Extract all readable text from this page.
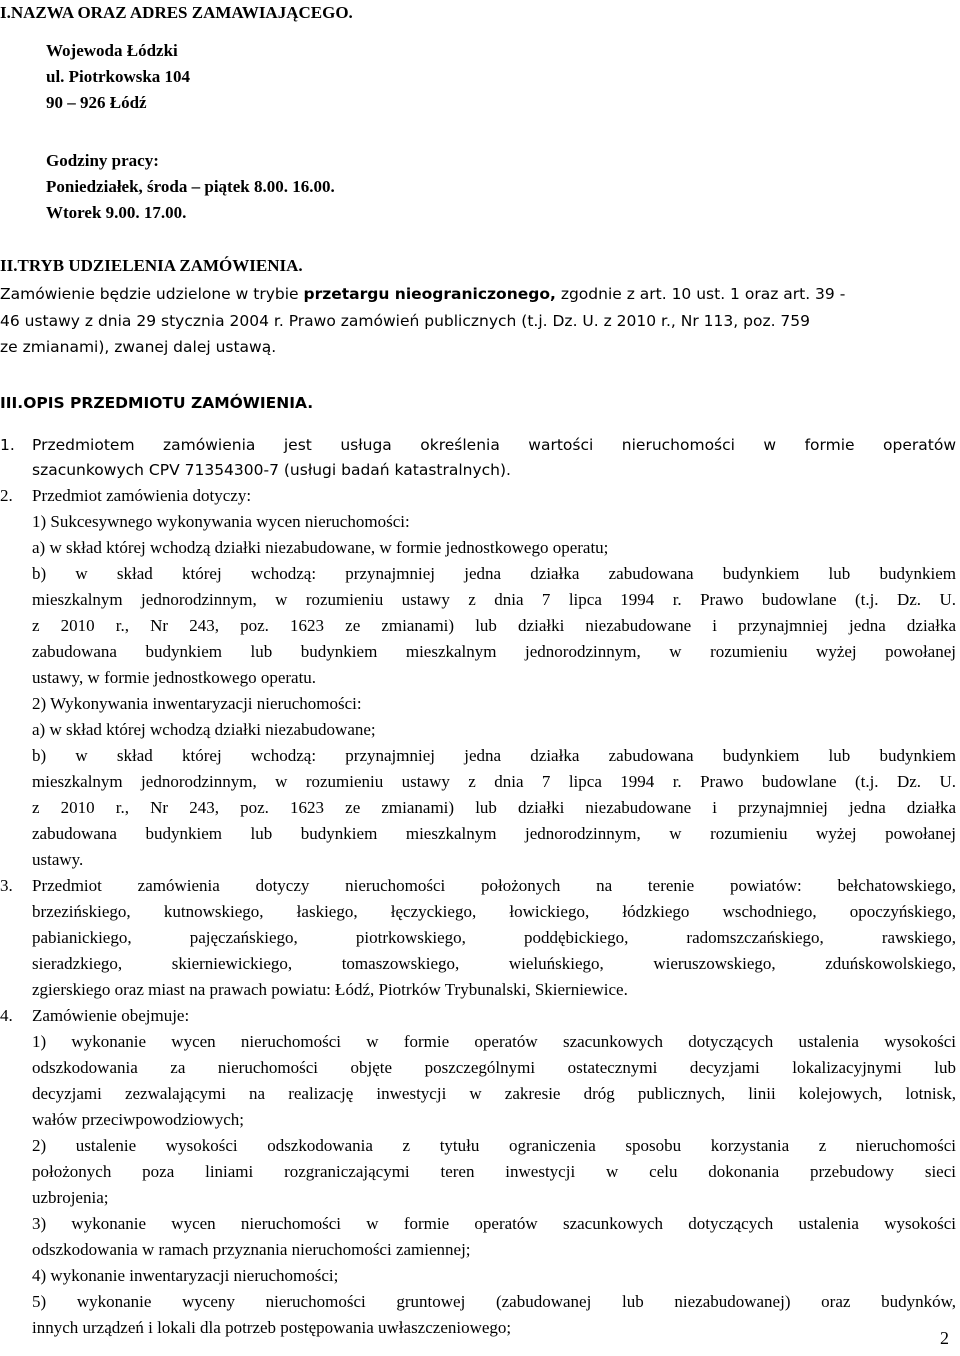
I.NAZWA ORAZ ADRES ZAMAWIAJĄCEGO.
Wojewoda Łódzki
ul. Piotrkowska 104
90 – 926 Łódź
Godziny pracy:
Poniedziałek, środa – piątek 8.00. 16.00.
Wtorek 9.00. 17.00.
II.TRYB UDZIELENIA ZAMÓWIENIA.
Zamówienie będzie udzielone w trybie przetargu nieograniczonego, zgodnie z art. 10 ust. 1 oraz art. 39 -
46 ustawy z dnia 29 stycznia 2004 r. Prawo zamówień publicznych (t.j. Dz. U. z 2010 r., Nr 113, poz. 759
ze zmianami), zwanej dalej ustawą.
III.OPIS PRZEDMIOTU ZAMÓWIENIA.
1. Przedmiotem zamówienia jest usługa określenia wartości nieruchomości w formie operatów
szacunkowych CPV 71354300-7 (usługi badań katastralnych).
2. Przedmiot zamówienia dotyczy:
1) Sukcesywnego wykonywania wycen nieruchomości:
a) w skład której wchodzą działki niezabudowane, w formie jednostkowego operatu;
b) w skład której wchodzą: przynajmniej jedna działka zabudowana budynkiem lub budynkiem
mieszkalnym jednorodzinnym, w rozumieniu ustawy z dnia 7 lipca 1994 r. Prawo budowlane (t.j. Dz. U.
z 2010 r., Nr 243, poz. 1623 ze zmianami) lub działki niezabudowane i przynajmniej jedna działka
zabudowana budynkiem lub budynkiem mieszkalnym jednorodzinnym, w rozumieniu wyżej powołanej
ustawy, w formie jednostkowego operatu.
2) Wykonywania inwentaryzacji nieruchomości:
a) w skład której wchodzą działki niezabudowane;
b) w skład której wchodzą: przynajmniej jedna działka zabudowana budynkiem lub budynkiem
mieszkalnym jednorodzinnym, w rozumieniu ustawy z dnia 7 lipca 1994 r. Prawo budowlane (t.j. Dz. U.
z 2010 r., Nr 243, poz. 1623 ze zmianami) lub działki niezabudowane i przynajmniej jedna działka
zabudowana budynkiem lub budynkiem mieszkalnym jednorodzinnym, w rozumieniu wyżej powołanej
ustawy.
3. Przedmiot zamówienia dotyczy nieruchomości położonych na terenie powiatów: bełchatowskiego,
brzezińskiego, kutnowskiego, łaskiego, łęczyckiego, łowickiego, łódzkiego wschodniego, opoczyńskiego,
pabianickiego, pajęczańskiego, piotrkowskiego, poddębickiego, radomszczańskiego, rawskiego,
sieradzkiego, skierniewickiego, tomaszowskiego, wieluńskiego, wieruszowskiego, zduńskowolskiego,
zgierskiego oraz miast na prawach powiatu: Łódź, Piotrków Trybunalski, Skierniewice.
4. Zamówienie obejmuje:
1) wykonanie wycen nieruchomości w formie operatów szacunkowych dotyczących ustalenia wysokości
odszkodowania za nieruchomości objęte poszczególnymi ostatecznymi decyzjami lokalizacyjnymi lub
decyzjami zezwalającymi na realizację inwestycji w zakresie dróg publicznych, linii kolejowych, lotnisk,
wałów przeciwpowodziowych;
2) ustalenie wysokości odszkodowania z tytułu ograniczenia sposobu korzystania z nieruchomości
położonych poza liniami rozgraniczającymi teren inwestycji w celu dokonania przebudowy sieci
uzbrojenia;
3) wykonanie wycen nieruchomości w formie operatów szacunkowych dotyczących ustalenia wysokości
odszkodowania w ramach przyznania nieruchomości zamiennej;
4) wykonanie inwentaryzacji nieruchomości;
5) wykonanie wyceny nieruchomości gruntowej (zabudowanej lub niezabudowanej) oraz budynków,
innych urządzeń i lokali dla potrzeb postępowania uwłaszczeniowego;
2
